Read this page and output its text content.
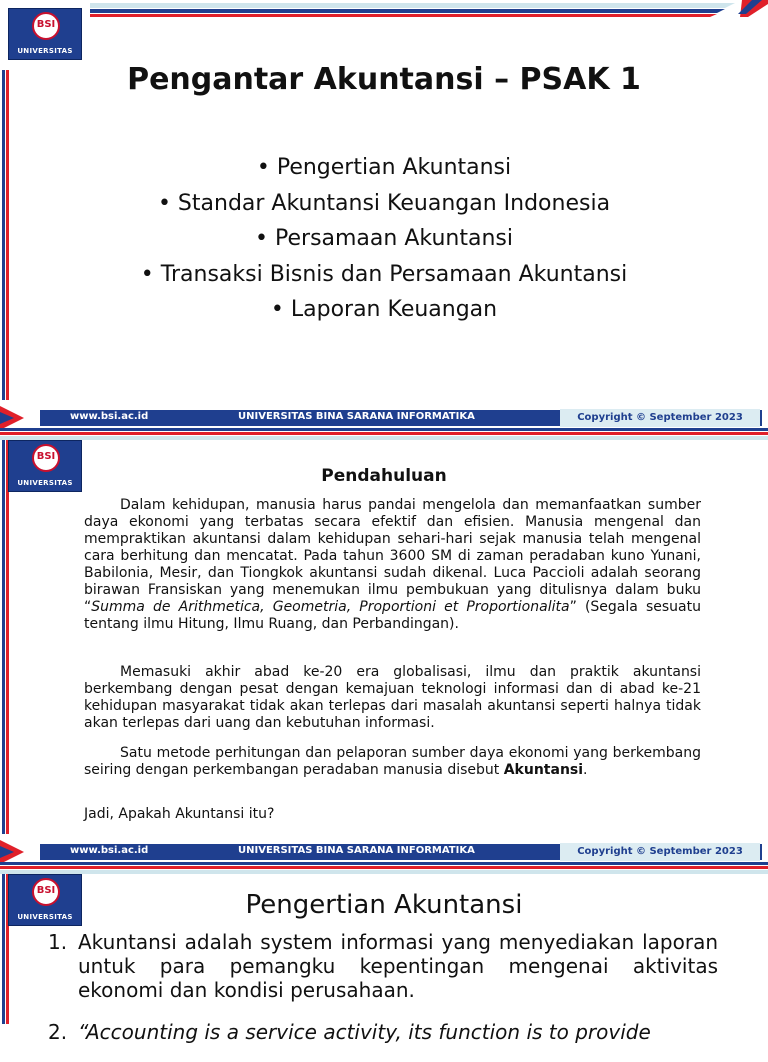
BSI
UNIVERSITAS
Pengantar Akuntansi – PSAK 1
• Pengertian Akuntansi
• Standar Akuntansi Keuangan Indonesia
• Persamaan Akuntansi
• Transaksi Bisnis dan Persamaan Akuntansi
• Laporan Keuangan
www.bsi.ac.id	UNIVERSITAS BINA SARANA INFORMATIKA	Copyright © September 2023
BSI
UNIVERSITAS	Pendahuluan

Dalam kehidupan, manusia harus pandai mengelola dan memanfaatkan sumber daya ekonomi yang terbatas secara efektif dan efisien. Manusia mengenal dan mempraktikan akuntansi dalam kehidupan sehari-hari sejak manusia telah mengenal cara berhitung dan mencatat. Pada tahun 3600 SM di zaman peradaban kuno Yunani, Babilonia, Mesir, dan Tiongkok akuntansi sudah dikenal. Luca Paccioli adalah seorang birawan Fransiskan yang menemukan ilmu pembukuan yang ditulisnya dalam buku “Summa de Arithmetica, Geometria, Proportioni et Proportionalita” (Segala sesuatu tentang ilmu Hitung, Ilmu Ruang, dan Perbandingan).

Memasuki akhir abad ke-20 era globalisasi, ilmu dan praktik akuntansi berkembang dengan pesat dengan kemajuan teknologi informasi dan di abad ke-21 kehidupan masyarakat tidak akan terlepas dari masalah akuntansi seperti halnya tidak akan terlepas dari uang dan kebutuhan informasi.

Satu metode perhitungan dan pelaporan sumber daya ekonomi yang berkembang seiring dengan perkembangan peradaban manusia disebut Akuntansi.

Jadi, Apakah Akuntansi itu?

www.bsi.ac.id	UNIVERSITAS BINA SARANA INFORMATIKA	Copyright © September 2023
BSI
UNIVERSITAS	Pengertian Akuntansi
1. Akuntansi adalah system informasi yang menyediakan laporan untuk para pemangku kepentingan mengenai aktivitas ekonomi dan kondisi perusahaan.
2. “Accounting is a service activity, its function is to provide
